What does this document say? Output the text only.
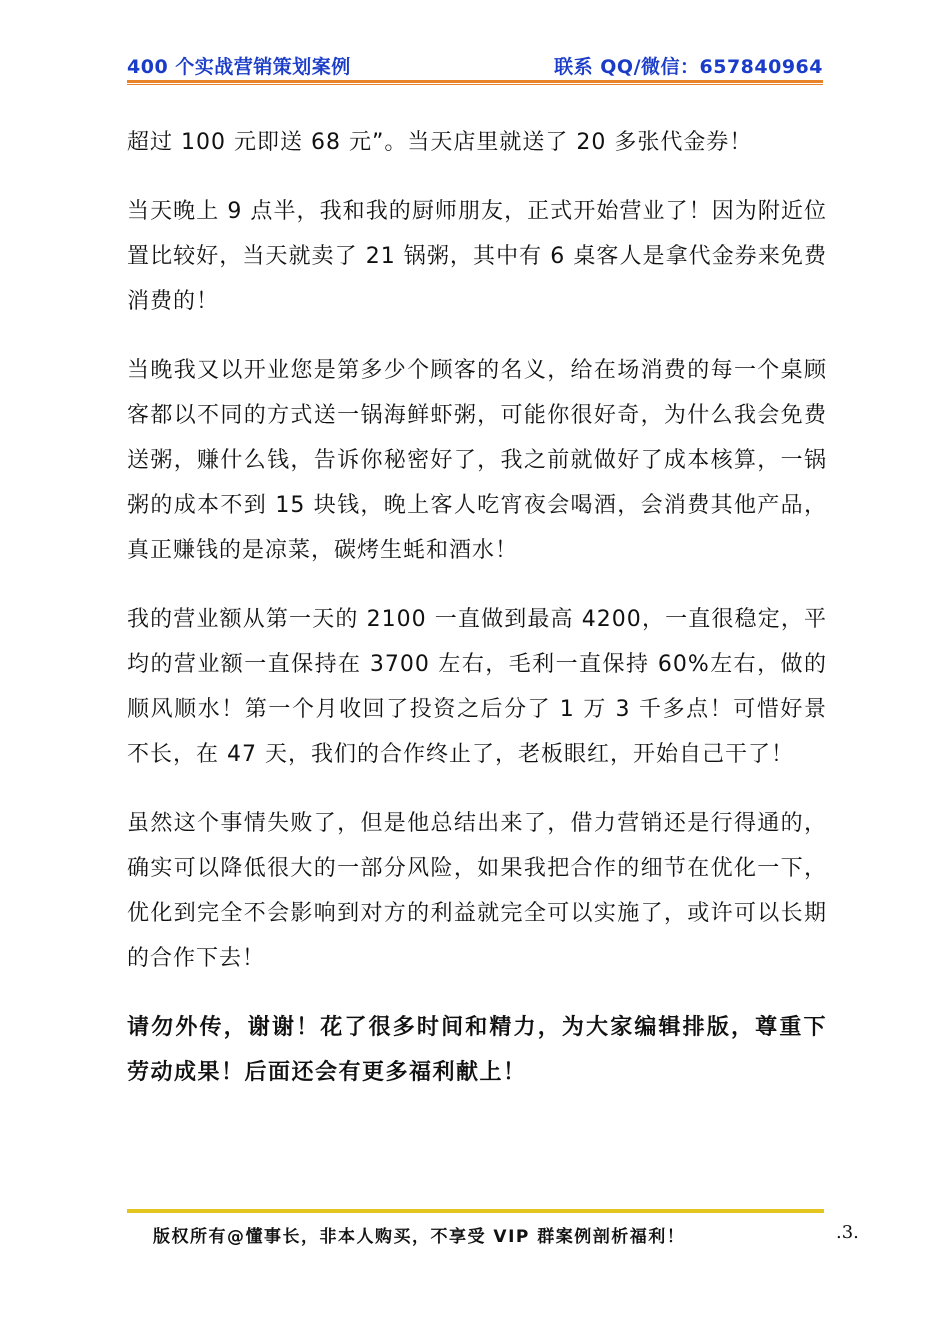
400 个实战营销策划案例	联系 QQ/微信：657840964

超过 100 元即送 68 元”。当天店里就送了 20 多张代金券！

当天晚上 9 点半，我和我的厨师朋友，正式开始营业了！因为附近位置比较好，当天就卖了 21 锅粥，其中有 6 桌客人是拿代金券来免费消费的！

当晚我又以开业您是第多少个顾客的名义，给在场消费的每一个桌顾客都以不同的方式送一锅海鲜虾粥，可能你很好奇，为什么我会免费送粥，赚什么钱，告诉你秘密好了，我之前就做好了成本核算，一锅粥的成本不到 15 块钱，晚上客人吃宵夜会喝酒，会消费其他产品，真正赚钱的是凉菜，碳烤生蚝和酒水！

我的营业额从第一天的 2100 一直做到最高 4200，一直很稳定，平均的营业额一直保持在 3700 左右，毛利一直保持 60%左右，做的顺风顺水！第一个月收回了投资之后分了 1 万 3 千多点！可惜好景不长，在 47 天，我们的合作终止了，老板眼红，开始自己干了！

虽然这个事情失败了，但是他总结出来了，借力营销还是行得通的，确实可以降低很大的一部分风险，如果我把合作的细节在优化一下，优化到完全不会影响到对方的利益就完全可以实施了，或许可以长期的合作下去！

请勿外传，谢谢！花了很多时间和精力，为大家编辑排版，尊重下劳动成果！后面还会有更多福利献上！

版权所有@懂事长，非本人购买，不享受 VIP 群案例剖析福利！	.3.
